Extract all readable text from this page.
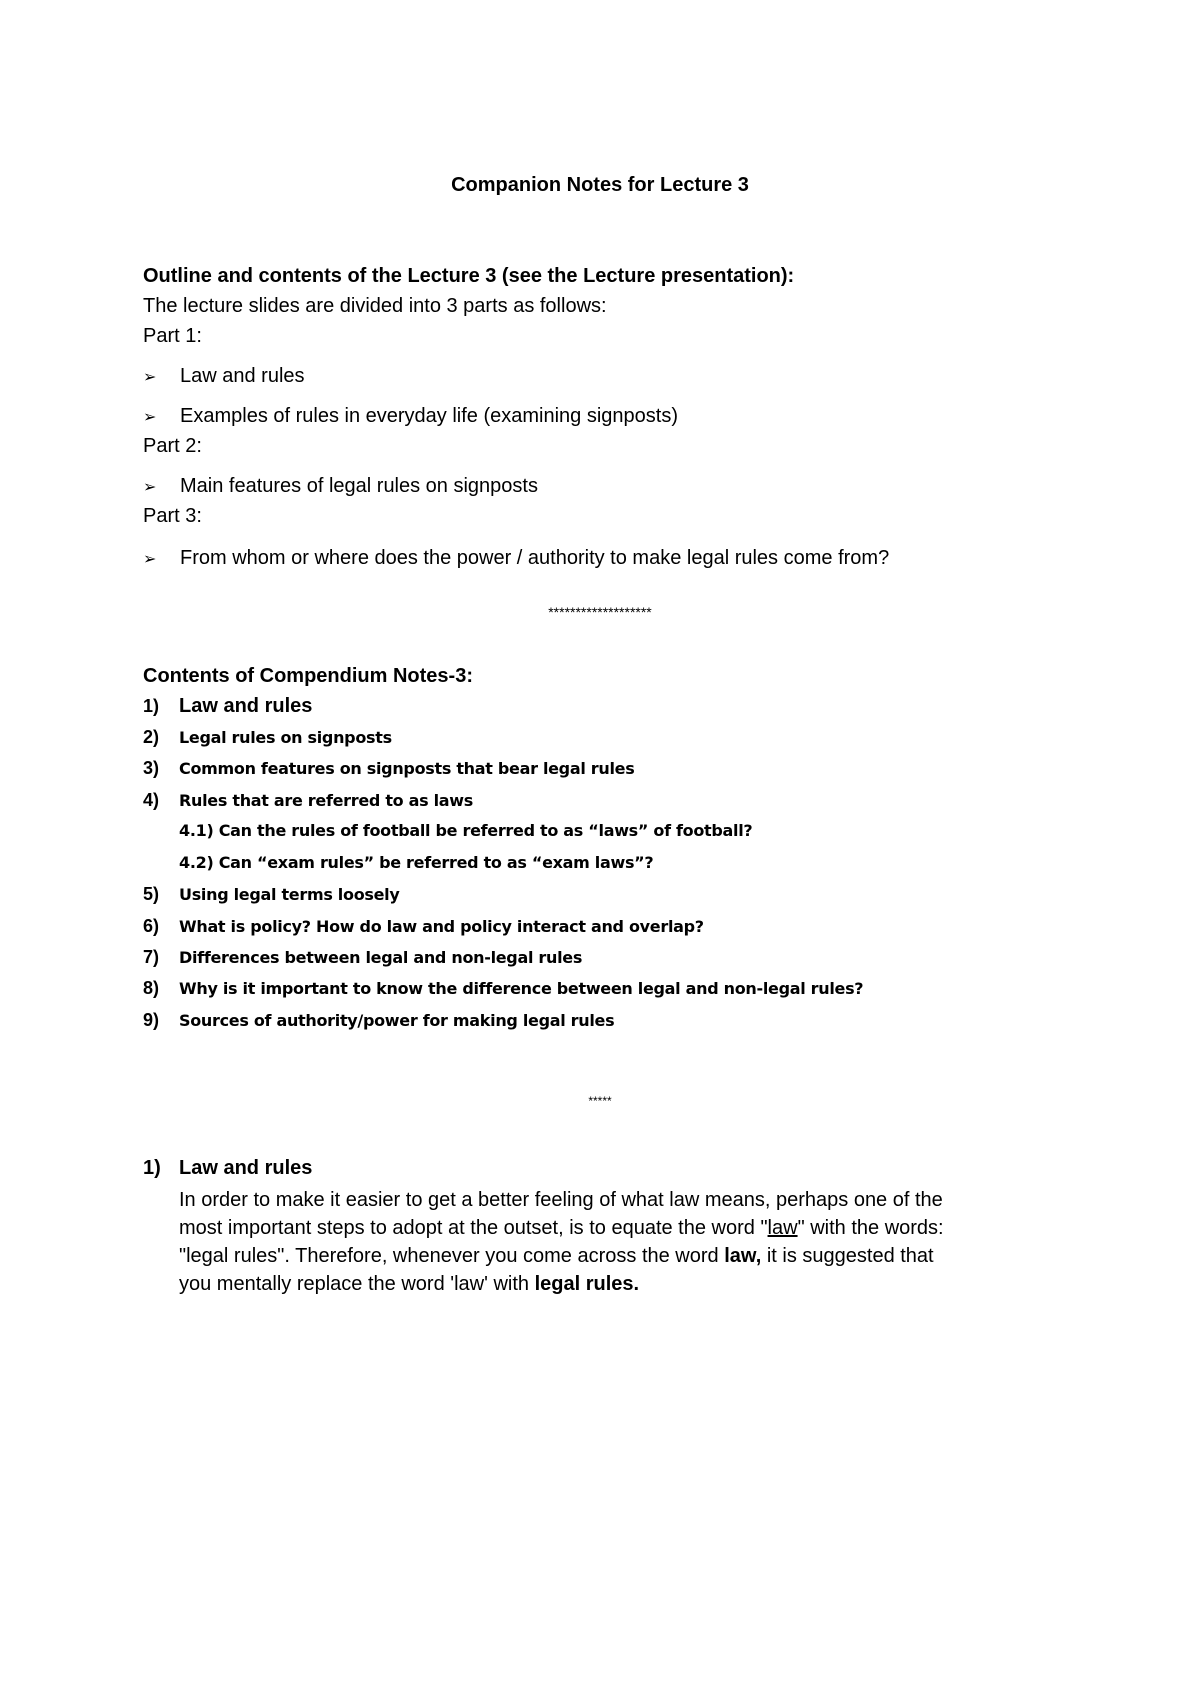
Companion Notes for Lecture 3
Outline and contents of the Lecture 3 (see the Lecture presentation):
The lecture slides are divided into 3 parts as follows:
Part 1:
➢ Law and rules
➢ Examples of rules in everyday life (examining signposts)
Part 2:
➢ Main features of legal rules on signposts
Part 3:
➢ From whom or where does the power / authority to make legal rules come from?
*******************
Contents of Compendium Notes-3:
1) Law and rules
2) Legal rules on signposts
3) Common features on signposts that bear legal rules
4) Rules that are referred to as laws
4.1) Can the rules of football be referred to as “laws” of football?
4.2) Can “exam rules” be referred to as “exam laws”?
5) Using legal terms loosely
6) What is policy? How do law and policy interact and overlap?
7) Differences between legal and non-legal rules
8) Why is it important to know the difference between legal and non-legal rules?
9) Sources of authority/power for making legal rules
*****
1) Law and rules
In order to make it easier to get a better feeling of what law means, perhaps one of the
most important steps to adopt at the outset, is to equate the word "law" with the words:
"legal rules". Therefore, whenever you come across the word law, it is suggested that
you mentally replace the word 'law' with legal rules.
